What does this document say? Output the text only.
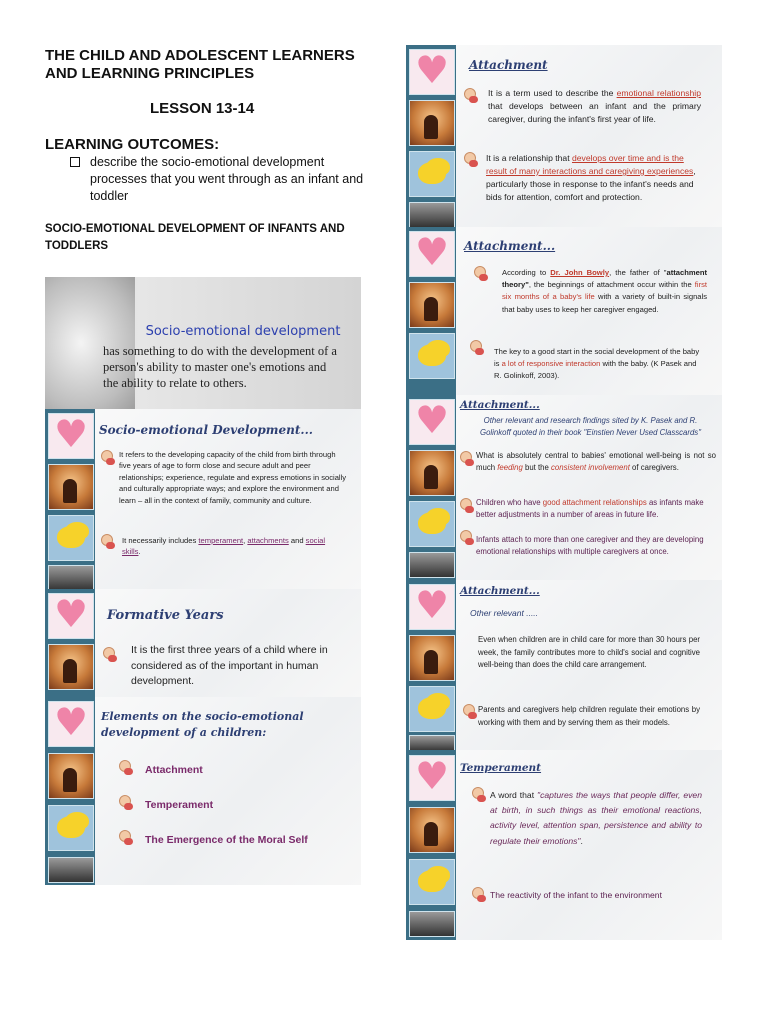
THE CHILD AND ADOLESCENT LEARNERS AND LEARNING PRINCIPLES
LESSON 13-14
LEARNING OUTCOMES:
describe the socio-emotional development processes that you went through as an infant and toddler
SOCIO-EMOTIONAL DEVELOPMENT OF INFANTS AND TODDLERS
Socio-emotional development
has something to do with the development of a person's ability to master one's emotions and the ability to relate to others.
♥
Socio-emotional Development...
It refers to the developing capacity of the child from birth through five years of age to form close and secure adult and peer relationships; experience, regulate and express emotions in socially and culturally appropriate ways; and explore the environment and learn – all in the context of family, community and culture.
It necessarily includes temperament, attachments and social skills.
♥
Formative Years
It is the first three years of a child where in considered as of the important in human development.
♥
Elements on the socio-emotional development of a children:
Attachment
Temperament
The Emergence of the Moral Self
♥
Attachment
It is a term used to describe the emotional relationship that develops between an infant and the primary caregiver, during the infant's first year of life.
It is a relationship that develops over time and is the result of many interactions and caregiving experiences, particularly those in response to the infant's needs and bids for attention, comfort and protection.
♥
Attachment...
According to Dr. John Bowly, the father of "attachment theory", the beginnings of attachment occur within the first six months of a baby's life with a variety of built-in signals that baby uses to keep her caregiver engaged.
The key to a good start in the social development of the baby is a lot of responsive interaction with the baby. (K Pasek and R. Golinkoff, 2003).
♥
Attachment...
Other relevant and research findings sited by K. Pasek and R. Golinkoff quoted in their book "Einstien Never Used Classcards"
What is absolutely central to babies' emotional well-being is not so much feeding but the consistent involvement of caregivers.
Children who have good attachment relationships as infants make better adjustments in a number of areas in future life.
Infants attach to more than one caregiver and they are developing emotional relationships with multiple caregivers at once.
♥
Attachment...
Other relevant .....
Even when children are in child care for more than 30 hours per week, the family contributes more to child's social and cognitive well-being than does the child care arrangement.
Parents and caregivers help children regulate their emotions by working with them and by serving them as their models.
♥
Temperament
A word that "captures the ways that people differ, even at birth, in such things as their emotional reactions, activity level, attention span, persistence and ability to regulate their emotions".
The reactivity of the infant to the environment
